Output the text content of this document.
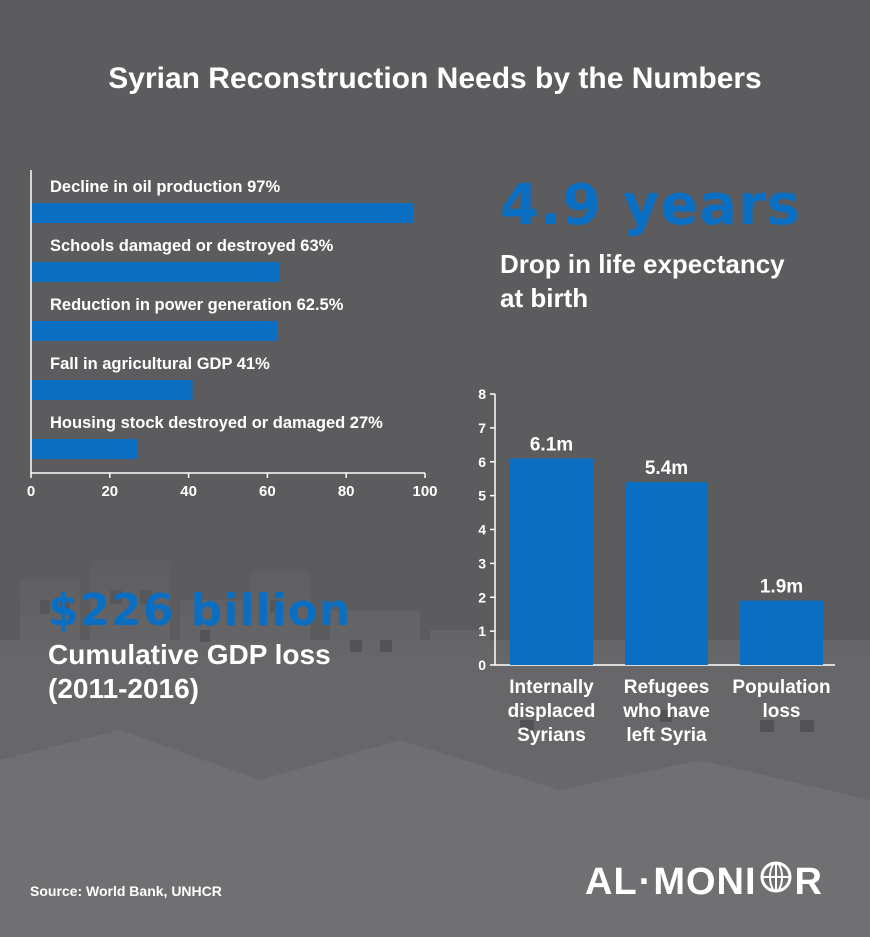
Syrian Reconstruction Needs by the Numbers
Decline in oil production 97%
Schools damaged or destroyed 63%
Reduction in power generation 62.5%
Fall in agricultural GDP 41%
Housing stock destroyed or damaged 27%
0	20	40	60	80	100
4.9 years
Drop in life expectancy
at birth
0
1
2
3
4
5
6
7
8
6.1m
Internally
displaced
Syrians
5.4m
Refugees
who have
left Syria
1.9m
Population
loss
$226 billion
Cumulative GDP loss
(2011-2016)
Source: World Bank, UNHCR	AL · MONI R
